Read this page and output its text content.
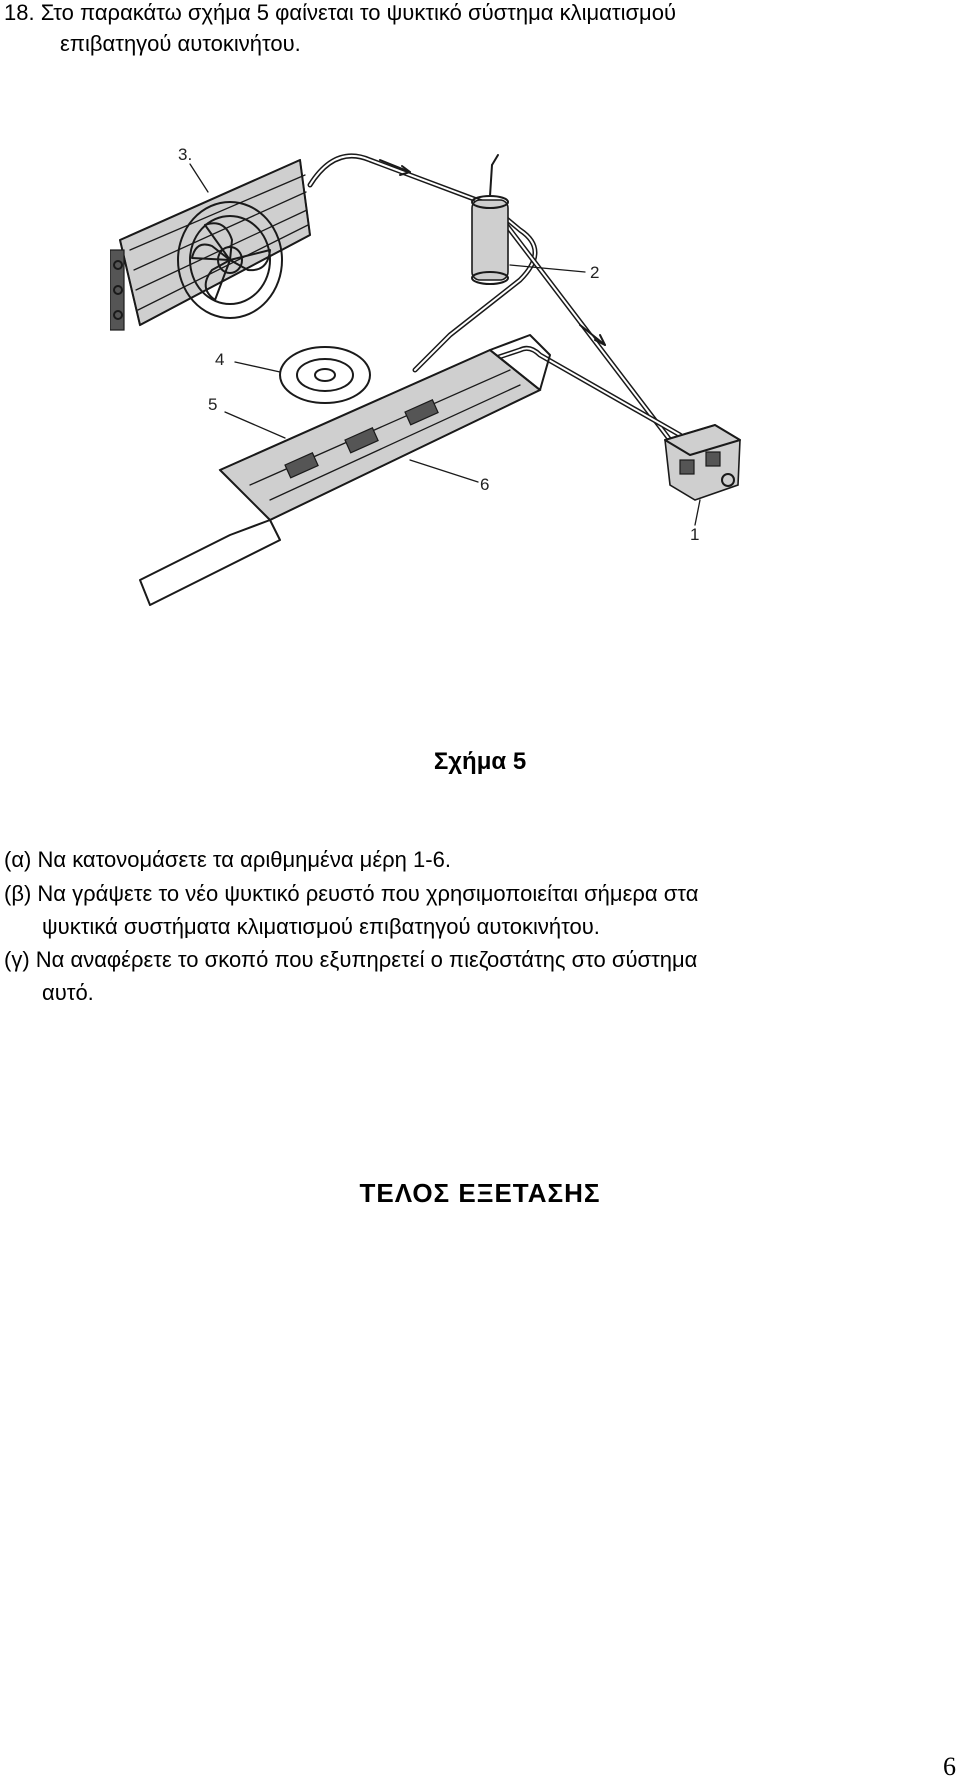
18. Στο παρακάτω σχήμα 5 φαίνεται το ψυκτικό σύστημα κλιματισμού
επιβατηγού αυτοκινήτου.
3.
2
1
4
5
6
Σχήμα 5
(α) Να κατονομάσετε τα αριθμημένα μέρη 1-6.
(β) Να γράψετε το νέο ψυκτικό ρευστό που χρησιμοποιείται σήμερα στα
ψυκτικά συστήματα κλιματισμού επιβατηγού αυτοκινήτου.
(γ) Να αναφέρετε το σκοπό που εξυπηρετεί ο πιεζοστάτης στο σύστημα
αυτό.
ΤΕΛΟΣ ΕΞΕΤΑΣΗΣ
6
